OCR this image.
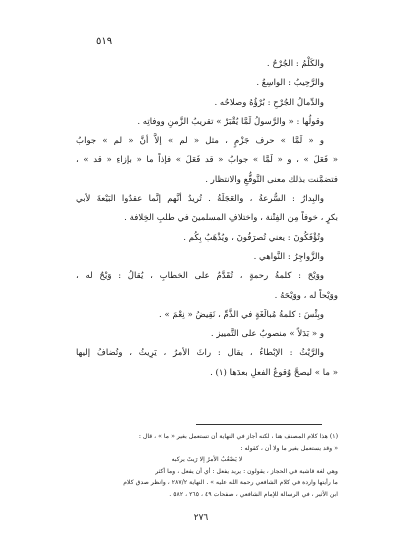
٥١٩
والكَلْمُ : الجُرْحُ .
والرَّحِيبُ : الواسِعُ .
والدِّمالُ الجُرْحِ : بُرْؤُهُ وصلاحُه .
وقولُها : « والرَّسولُ لَمَّا يُقْبَرْ » تقريبُ الزَّمنِ ووفاتِه .
و « لَمَّا » حرف جَزْمٍ ، مثل « لم » إلاَّ أنَّ « لم » جوابُ
« فَعَلَ » ، و « لَمَّا » جوابُ « قد فَعَلَ » فإذاً ما « بإزاءِ « قد » ،
فتضمَّنت بذلك معنى التَّوقُّعِ والانتظار .
والبِدارُ : السُّرعةُ ، والعَجَلَةُ . تُريدُ أنَّهم إنَّما عقدُوا البَيْعةَ لأبي
بكرٍ ، خوفاً مِن الفِتْنة ، واختلافِ المسلمينَ في طلبِ الخِلافة .
وتُؤْفَكُونَ : يعني تُصرَفُونَ ، ويُذْهَبُ بِكُم .
والزَّواجِرُ : النَّواهي .
ووَيْحَ : كلمةُ رحمةٍ ، تُقَدَّمُ على الخطابِ ، يُقالُ : وَيْحٌ له ،
ووَيْحاً له ، ووَيْحَهُ .
وبِئْسَ : كلمةُ مُبالَغَةٍ في الذَّمِّ ، نَقِيضُ « نِعْمَ » .
و « بَدَلاً » منصوبٌ على التَّمييز .
والرَّيْثُ : الإبْطاءُ ، يقال : راثَ الأمرُ ، يَرِيثُ ، وتُضافُ إليها
« ما » ليصحَّ وُقوعُ الفعلِ بعدَها (١) .
(١) هذا كلام المصنف هنا ، لكنه أجاز في النهاية أن تستعمل بغير « ما » ، قال :
« وقد يستعمل بغير ما ولا أن ، كقوله :
لا يَصْعُبُ الأمرُ إلا رَيثَ يركبه
وهي لغة قاشية في الحجاز ، يقولون : يريد يفعل : أي أن يفعل ، وما أكثر
ما رأيتها واردة في كلام الشافعي رحمة الله عليه » . النهاية ٢٨٧/٢ ، وانظر صدق كلام
ابن الأثير ، في الرسالة للإمام الشافعي ، صفحات ٤٩ ، ٢٦٥ ، ٥٨٢ .
٢٧٦
